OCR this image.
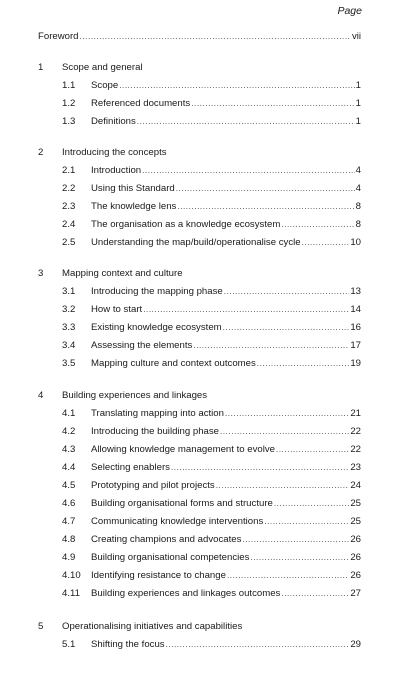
Page
Foreword .....	vii
1 Scope and general
1.1 Scope .....	1
1.2 Referenced documents .....	1
1.3 Definitions .....	1
2 Introducing the concepts
2.1 Introduction .....	4
2.2 Using this Standard .....	4
2.3 The knowledge lens .....	8
2.4 The organisation as a knowledge ecosystem .....	8
2.5 Understanding the map/build/operationalise cycle .....	10
3 Mapping context and culture
3.1 Introducing the mapping phase .....	13
3.2 How to start .....	14
3.3 Existing knowledge ecosystem .....	16
3.4 Assessing the elements .....	17
3.5 Mapping culture and context outcomes .....	19
4 Building experiences and linkages
4.1 Translating mapping into action .....	21
4.2 Introducing the building phase .....	22
4.3 Allowing knowledge management to evolve .....	22
4.4 Selecting enablers .....	23
4.5 Prototyping and pilot projects .....	24
4.6 Building organisational forms and structure .....	25
4.7 Communicating knowledge interventions .....	25
4.8 Creating champions and advocates .....	26
4.9 Building organisational competencies .....	26
4.10 Identifying resistance to change .....	26
4.11 Building experiences and linkages outcomes .....	27
5 Operationalising initiatives and capabilities
5.1 Shifting the focus .....	29
